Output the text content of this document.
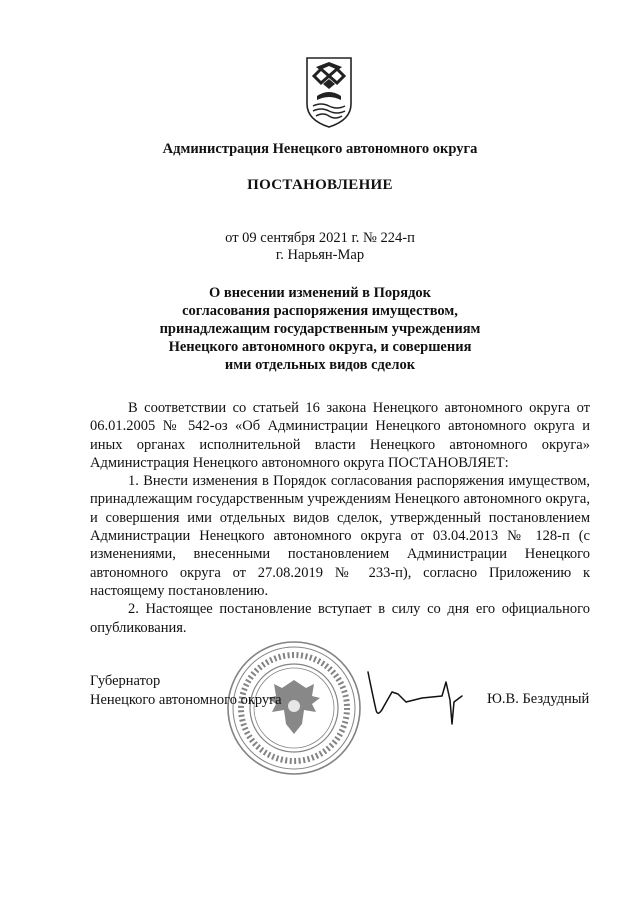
Администрация Ненецкого автономного округа
ПОСТАНОВЛЕНИЕ
от 09 сентября 2021 г. № 224-п
г. Нарьян-Мар
О внесении изменений в Порядок
согласования распоряжения имуществом,
принадлежащим государственным учреждениям
Ненецкого автономного округа, и совершения
ими отдельных видов сделок

В соответствии со статьей 16 закона Ненецкого автономного округа от 06.01.2005 № 542-оз «Об Администрации Ненецкого автономного округа и иных органах исполнительной власти Ненецкого автономного округа» Администрация Ненецкого автономного округа ПОСТАНОВЛЯЕТ:

1. Внести изменения в Порядок согласования распоряжения имуществом, принадлежащим государственным учреждениям Ненецкого автономного округа, и совершения ими отдельных видов сделок, утвержденный постановлением Администрации Ненецкого автономного округа от 03.04.2013 № 128-п (с изменениями, внесенными постановлением Администрации Ненецкого автономного округа от 27.08.2019 № 233-п), согласно Приложению к настоящему постановлению.

2. Настоящее постановление вступает в силу со дня его официального опубликования.

Губернатор
Ненецкого автономного округа	Ю.В. Бездудный
